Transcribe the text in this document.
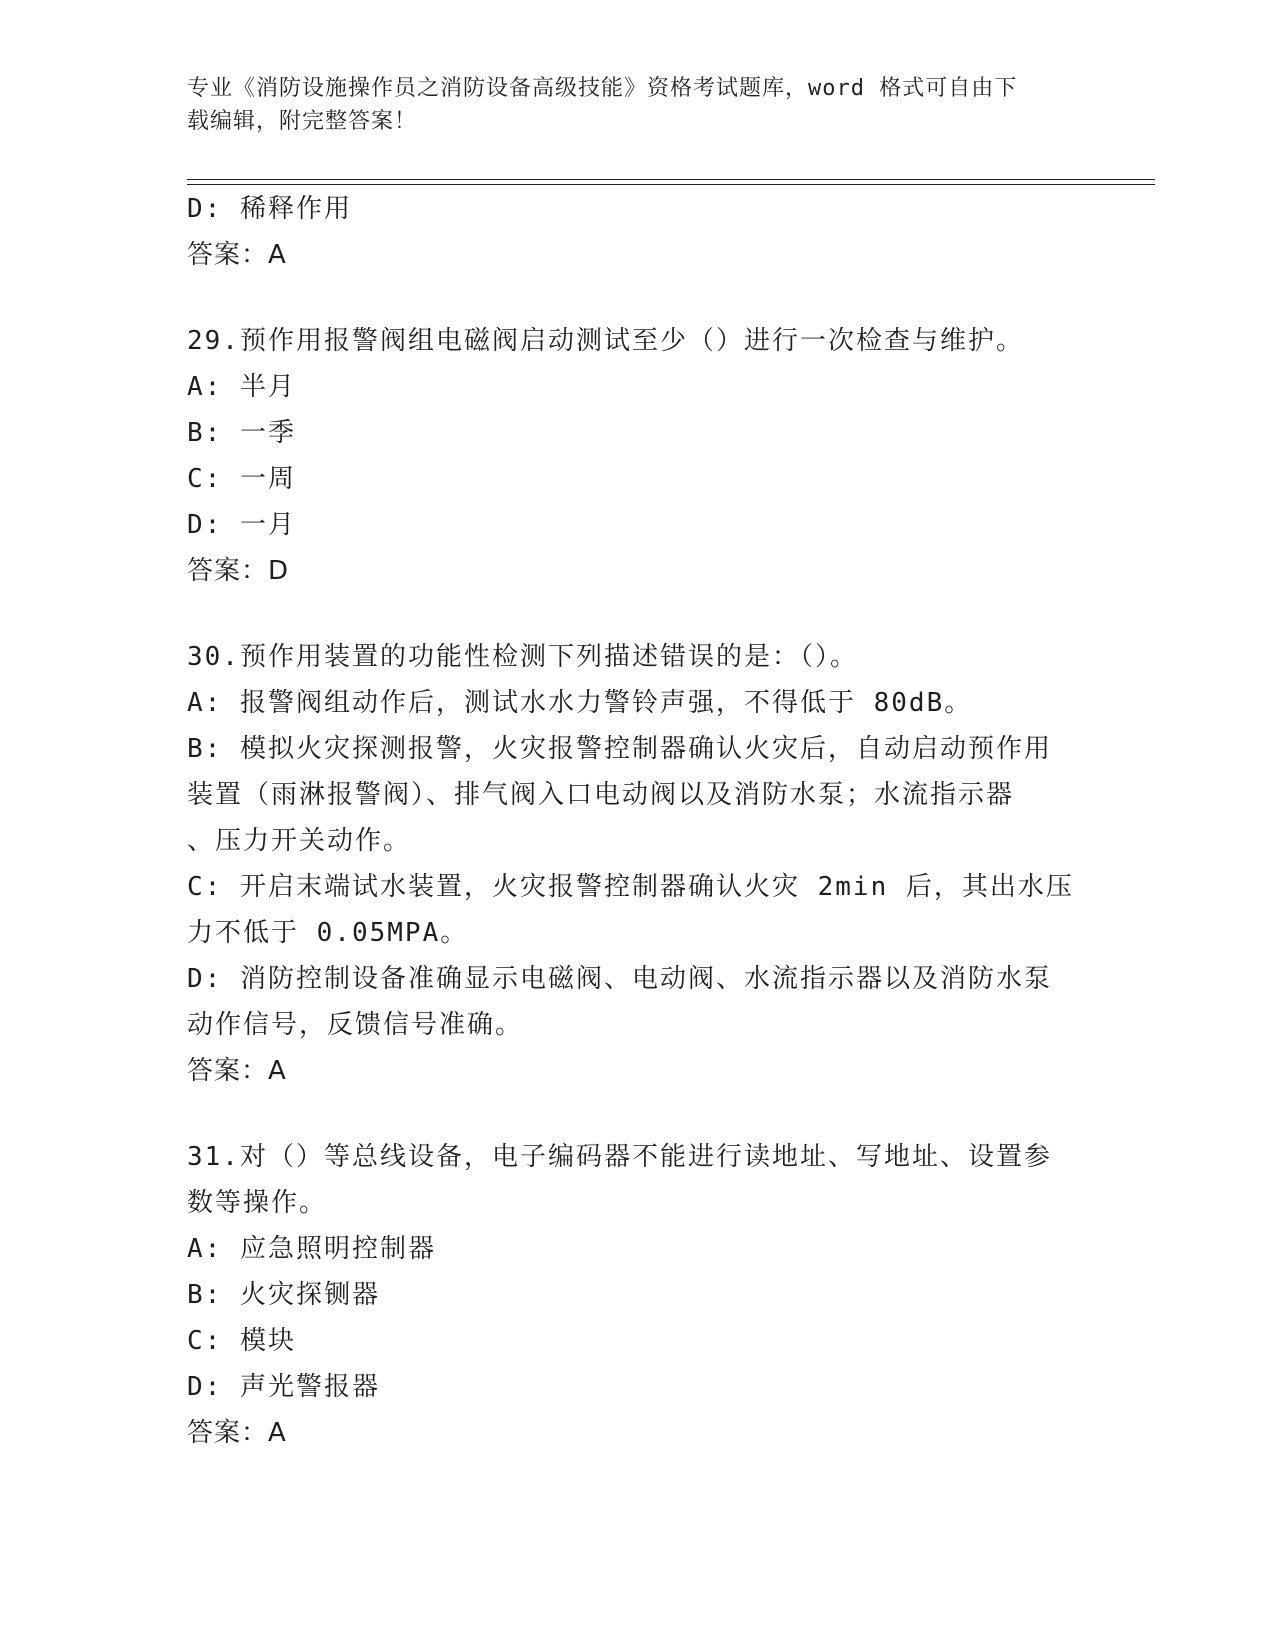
专业《消防设施操作员之消防设备高级技能》资格考试题库，word 格式可自由下
载编辑，附完整答案！
D: 稀释作用
答案：A
29.预作用报警阀组电磁阀启动测试至少（）进行一次检查与维护。
A: 半月
B: 一季
C: 一周
D: 一月
答案：D
30.预作用装置的功能性检测下列描述错误的是：（）。
A: 报警阀组动作后，测试水水力警铃声强，不得低于 80dB。
B: 模拟火灾探测报警，火灾报警控制器确认火灾后，自动启动预作用
装置（雨淋报警阀）、排气阀入口电动阀以及消防水泵；水流指示器
、压力开关动作。
C: 开启末端试水装置，火灾报警控制器确认火灾 2min 后，其出水压
力不低于 0.05MPA。
D: 消防控制设备准确显示电磁阀、电动阀、水流指示器以及消防水泵
动作信号，反馈信号准确。
答案：A
31.对（）等总线设备，电子编码器不能进行读地址、写地址、设置参
数等操作。
A: 应急照明控制器
B: 火灾探铡器
C: 模块
D: 声光警报器
答案：A
